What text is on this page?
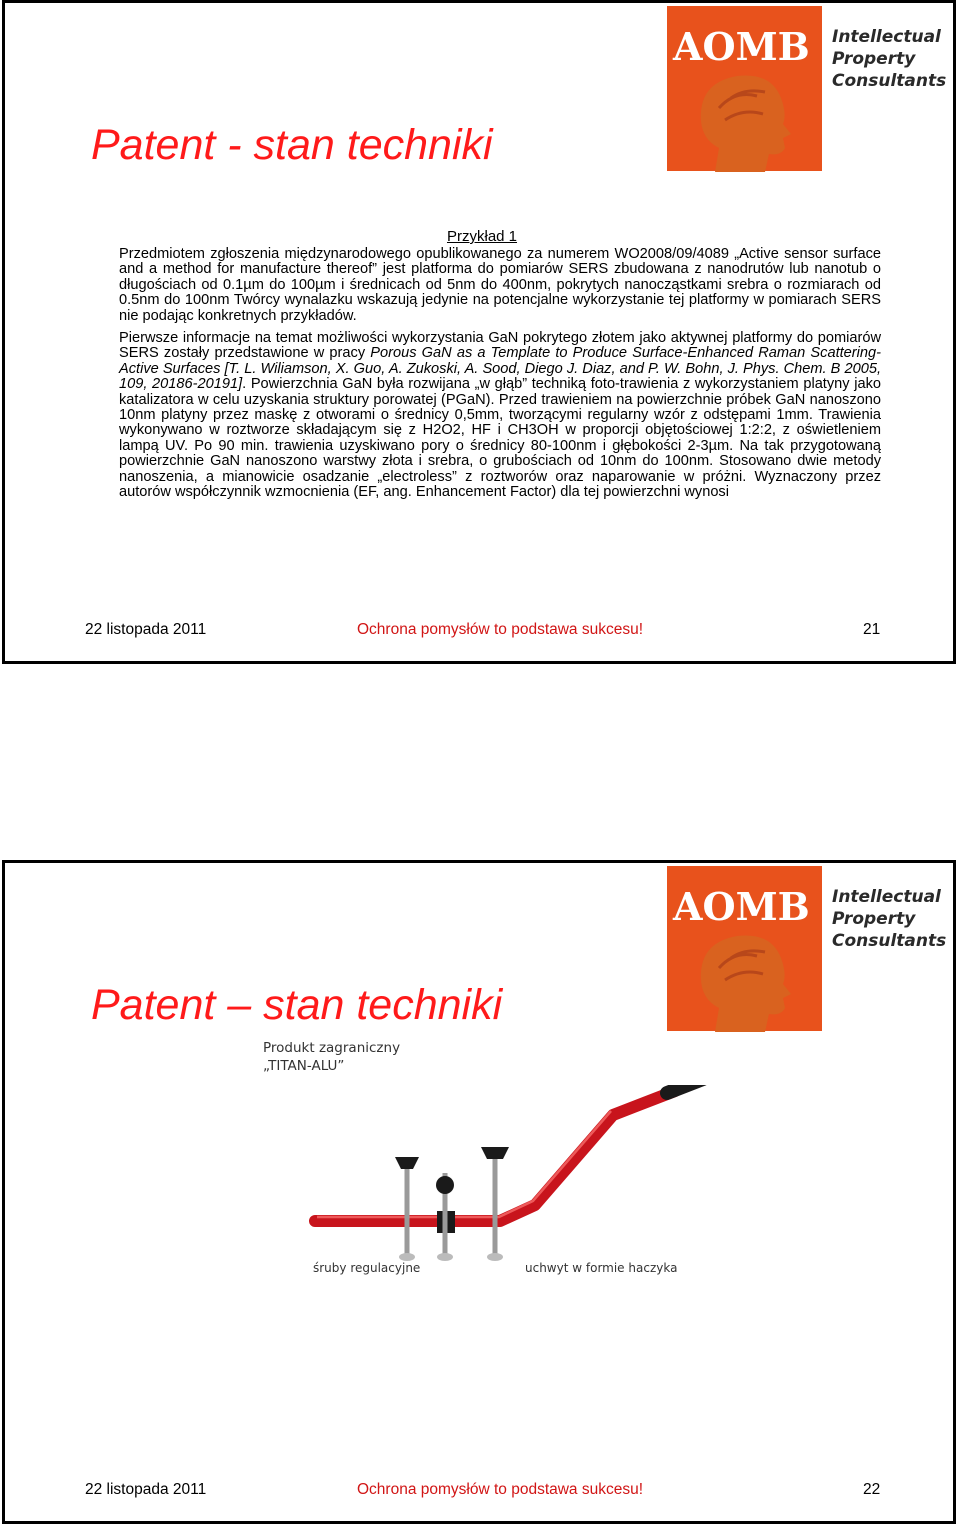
AOMB Intellectual
Property
Consultants
Patent - stan techniki
Przykład 1

Przedmiotem zgłoszenia międzynarodowego opublikowanego za numerem WO2008/09/4089 „Active sensor surface and a method for manufacture thereof” jest platforma do pomiarów SERS zbudowana z nanodrutów lub nanotub o długościach od 0.1µm do 100µm i średnicach od 5nm do 400nm, pokrytych nanocząstkami srebra o rozmiarach od 0.5nm do 100nm Twórcy wynalazku wskazują jedynie na potencjalne wykorzystanie tej platformy w pomiarach SERS nie podając konkretnych przykładów.

Pierwsze informacje na temat możliwości wykorzystania GaN pokrytego złotem jako aktywnej platformy do pomiarów SERS zostały przedstawione w pracy Porous GaN as a Template to Produce Surface-Enhanced Raman Scattering-Active Surfaces [T. L. Wiliamson, X. Guo, A. Zukoski, A. Sood, Diego J. Diaz, and P. W. Bohn, J. Phys. Chem. B 2005, 109, 20186-20191]. Powierzchnia GaN była rozwijana „w głąb” techniką foto-trawienia z wykorzystaniem platyny jako katalizatora w celu uzyskania struktury porowatej (PGaN). Przed trawieniem na powierzchnie próbek GaN nanoszono 10nm platyny przez maskę z otworami o średnicy 0,5mm, tworzącymi regularny wzór z odstępami 1mm. Trawienia wykonywano w roztworze składającym się z H2O2, HF i CH3OH w proporcji objętościowej 1:2:2, z oświetleniem lampą UV. Po 90 min. trawienia uzyskiwano pory o średnicy 80-100nm i głębokości 2-3µm. Na tak przygotowaną powierzchnie GaN nanoszono warstwy złota i srebra, o grubościach od 10nm do 100nm. Stosowano dwie metody nanoszenia, a mianowicie osadzanie „electroless” z roztworów oraz naparowanie w próżni. Wyznaczony przez autorów współczynnik wzmocnienia (EF, ang. Enhancement Factor) dla tej powierzchni wynosi

22 listopada 2011	Ochrona pomysłów to podstawa sukcesu!	21
AOMB Intellectual
Property
Consultants
Patent – stan techniki
Produkt zagraniczny
„TITAN-ALU”
śruby regulacyjne	uchwyt w formie haczyka
22 listopada 2011	Ochrona pomysłów to podstawa sukcesu!	22
